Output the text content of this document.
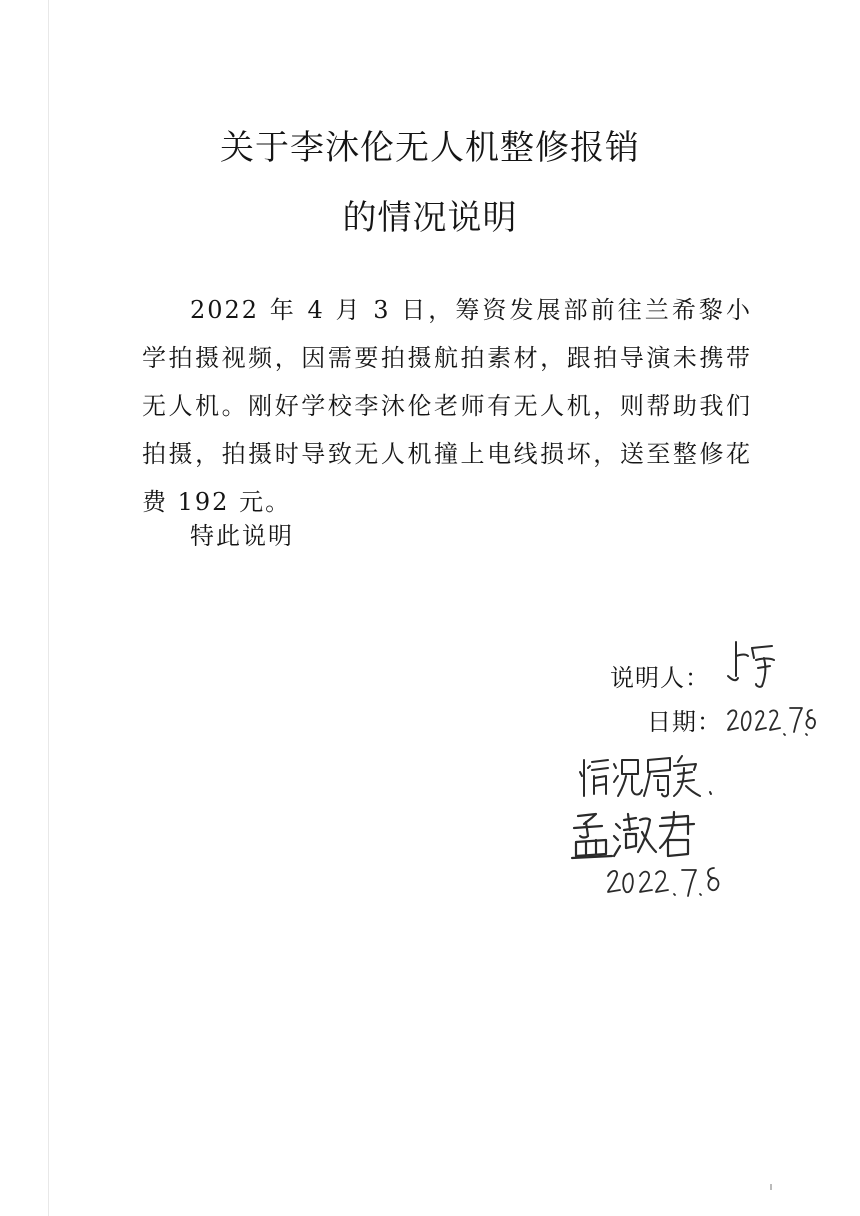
关于李沐伦无人机整修报销
的情况说明

2022 年 4 月 3 日，筹资发展部前往兰希黎小学拍摄视频，因需要拍摄航拍素材，跟拍导演未携带无人机。刚好学校李沐伦老师有无人机，则帮助我们拍摄，拍摄时导致无人机撞上电线损坏，送至整修花费 192 元。

特此说明

说明人：
日期：
